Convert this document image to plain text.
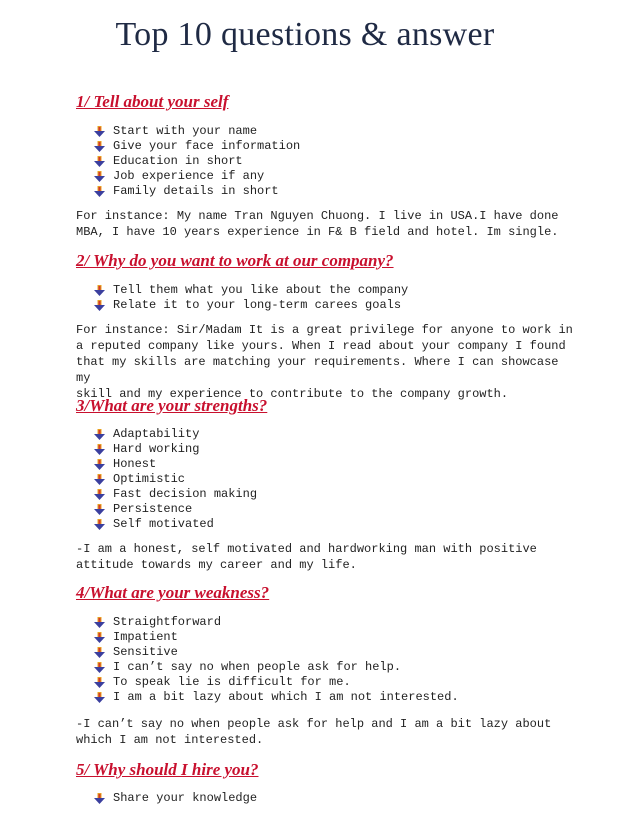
Top 10 questions & answer
1/ Tell about your self
Start with your name
Give your face information
Education in short
Job experience if any
Family details in short

For instance: My name Tran Nguyen Chuong. I live in USA.I have done
MBA, I have 10 years experience in F& B field and hotel. Im single.

2/ Why do you want to work at our company?
Tell them what you like about the company
Relate it to your long-term carees goals

For instance: Sir/Madam It is a great privilege for anyone to work in
a reputed company like yours. When I read about your company I found
that my skills are matching your requirements. Where I can showcase my
skill and my experience to contribute to the company growth.

3/What are your strengths?
Adaptability
Hard working
Honest
Optimistic
Fast decision making
Persistence
Self motivated

-I am a honest, self motivated and hardworking man with positive
attitude towards my career and my life.

4/What are your weakness?
Straightforward
Impatient
Sensitive
I can’t say no when people ask for help.
To speak lie is difficult for me.
I am a bit lazy about which I am not interested.

-I can’t say no when people ask for help and I am a bit lazy about
which I am not interested.

5/ Why should I hire you?
Share your knowledge
